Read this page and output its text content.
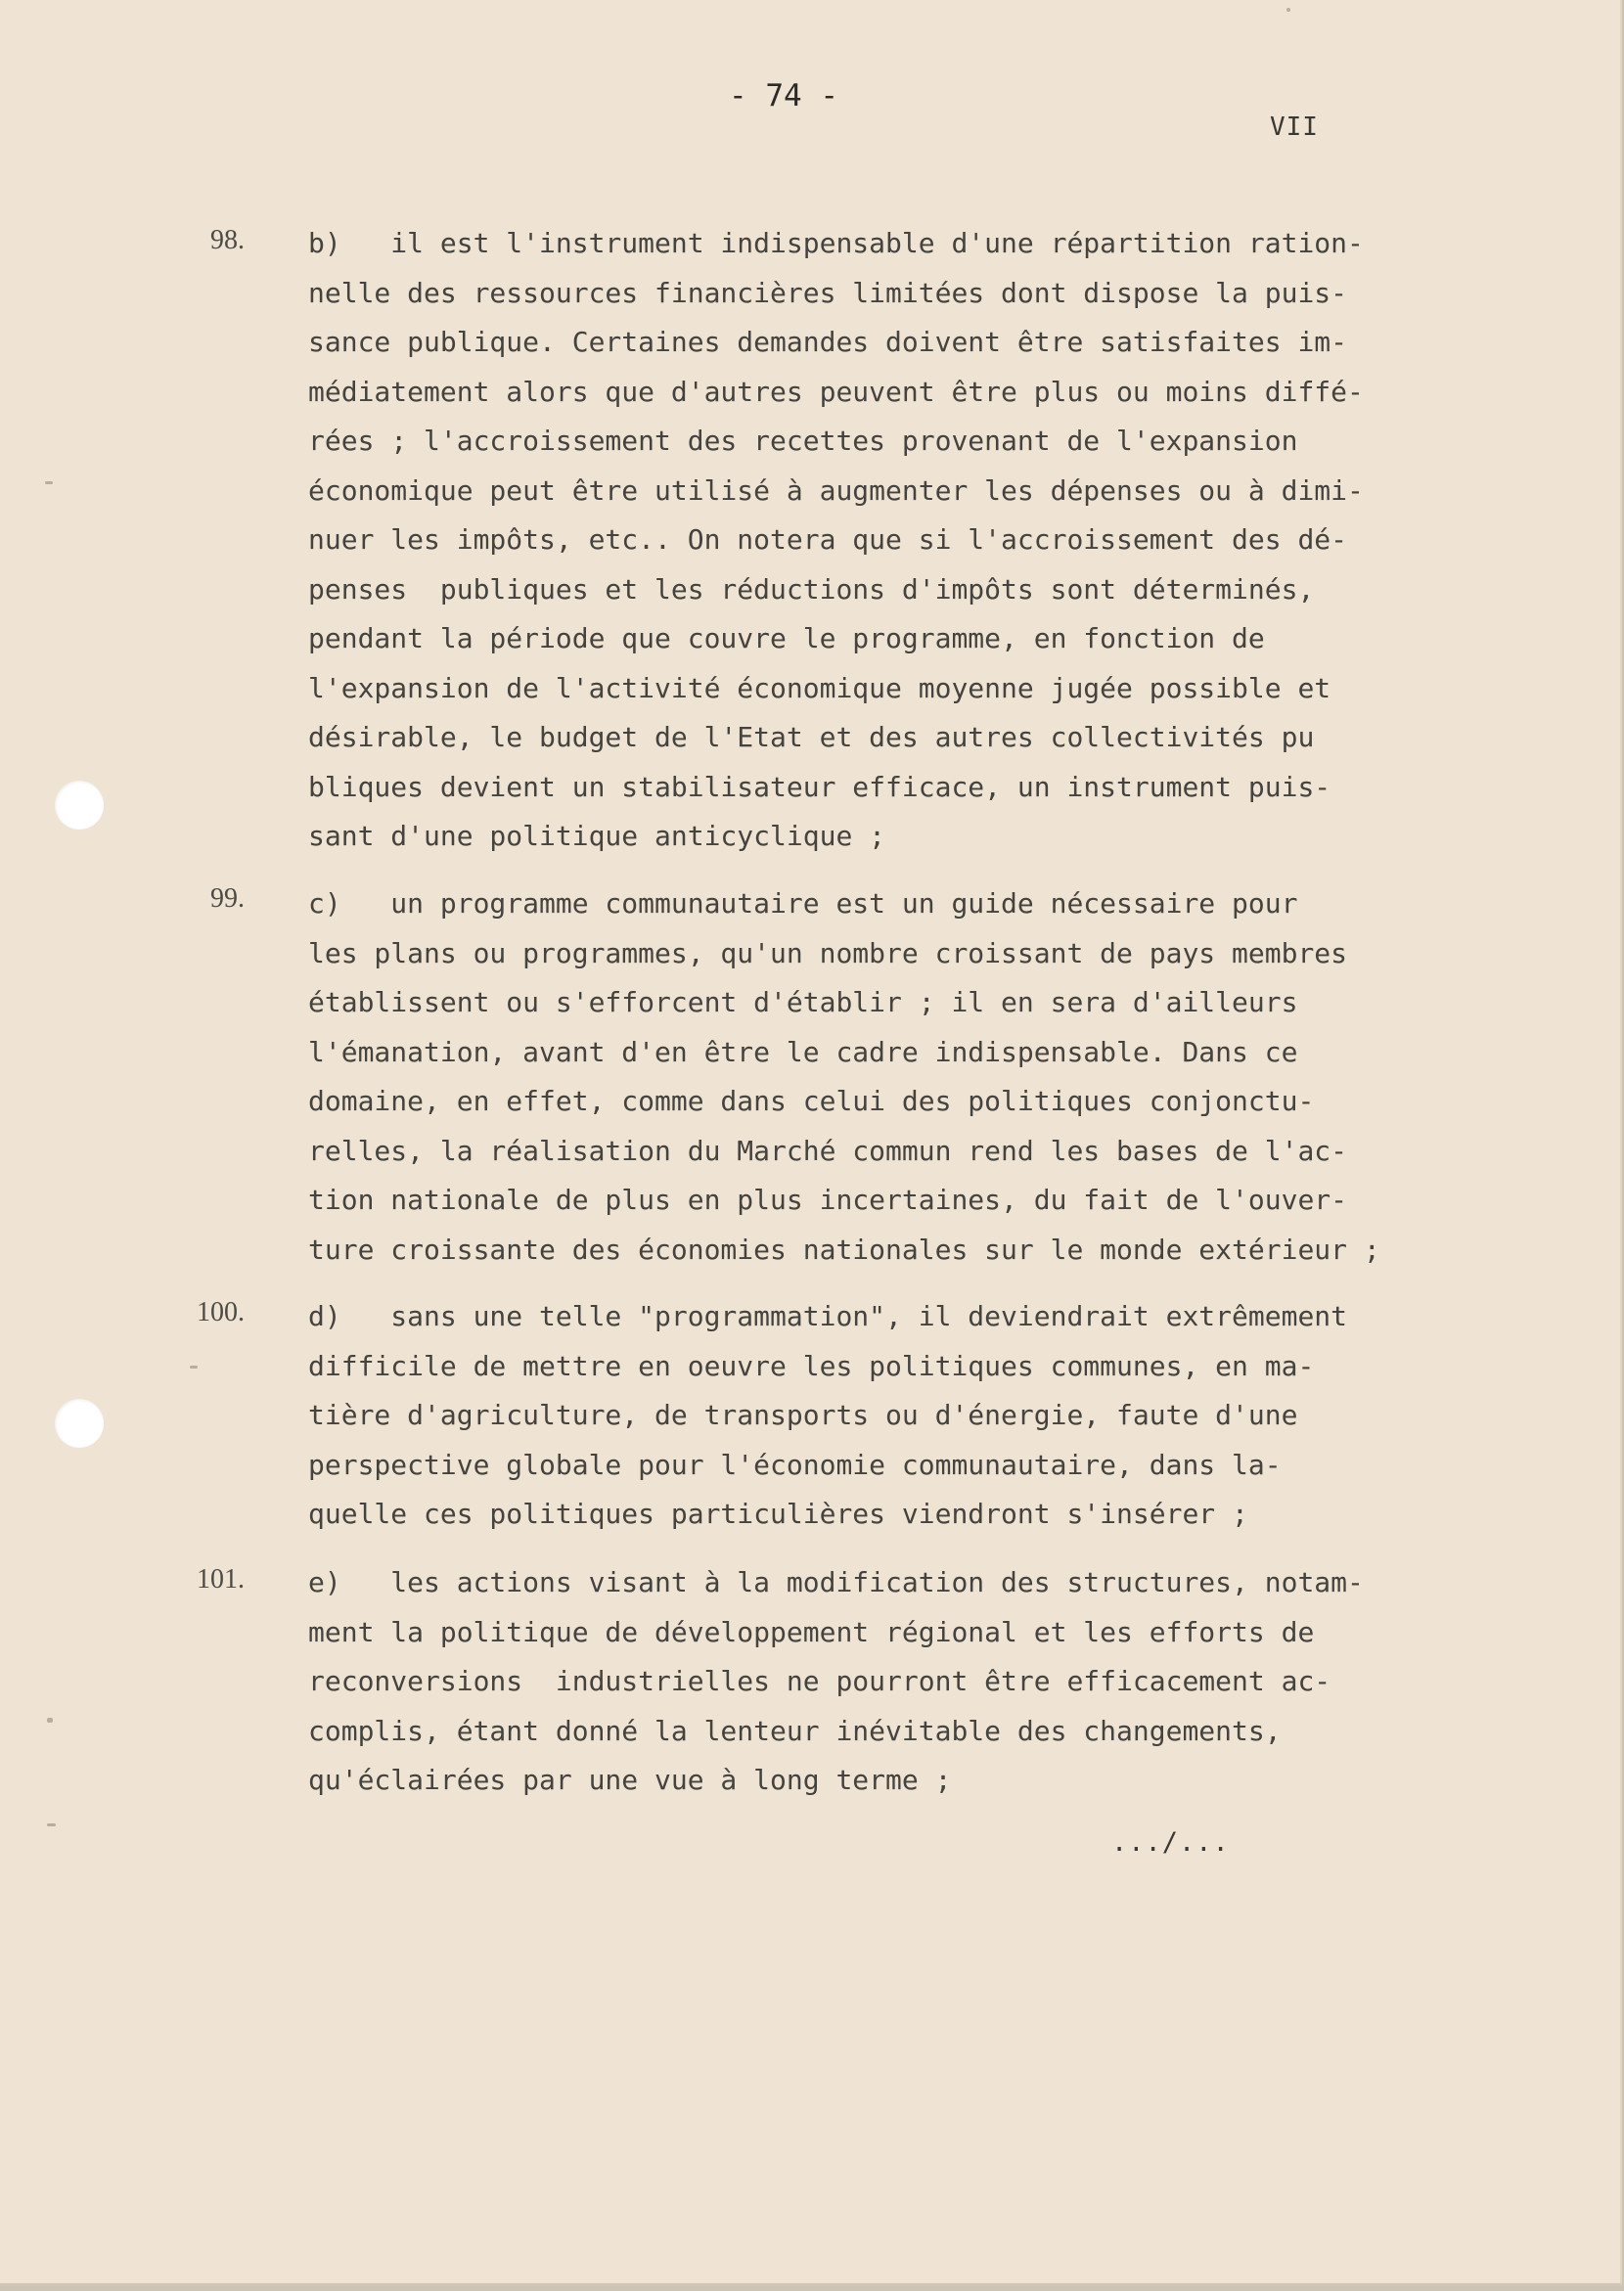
- 74 -
VII
98. b)   il est l'instrument indispensable d'une répartition ration-
nelle des ressources financières limitées dont dispose la puis-
sance publique. Certaines demandes doivent être satisfaites im-
médiatement alors que d'autres peuvent être plus ou moins diffé-
rées ; l'accroissement des recettes provenant de l'expansion
économique peut être utilisé à augmenter les dépenses ou à dimi-
nuer les impôts, etc.. On notera que si l'accroissement des dé-
penses  publiques et les réductions d'impôts sont déterminés,
pendant la période que couvre le programme, en fonction de
l'expansion de l'activité économique moyenne jugée possible et
désirable, le budget de l'Etat et des autres collectivités pu
bliques devient un stabilisateur efficace, un instrument puis-
sant d'une politique anticyclique ;
99. c)   un programme communautaire est un guide nécessaire pour
les plans ou programmes, qu'un nombre croissant de pays membres
établissent ou s'efforcent d'établir ; il en sera d'ailleurs
l'émanation, avant d'en être le cadre indispensable. Dans ce
domaine, en effet, comme dans celui des politiques conjonctu-
relles, la réalisation du Marché commun rend les bases de l'ac-
tion nationale de plus en plus incertaines, du fait de l'ouver-
ture croissante des économies nationales sur le monde extérieur ;
100. d)   sans une telle "programmation", il deviendrait extrêmement
difficile de mettre en oeuvre les politiques communes, en ma-
tière d'agriculture, de transports ou d'énergie, faute d'une
perspective globale pour l'économie communautaire, dans la-
quelle ces politiques particulières viendront s'insérer ;
101. e)   les actions visant à la modification des structures, notam-
ment la politique de développement régional et les efforts de
reconversions  industrielles ne pourront être efficacement ac-
complis, étant donné la lenteur inévitable des changements,
qu'éclairées par une vue à long terme ;
.../...
